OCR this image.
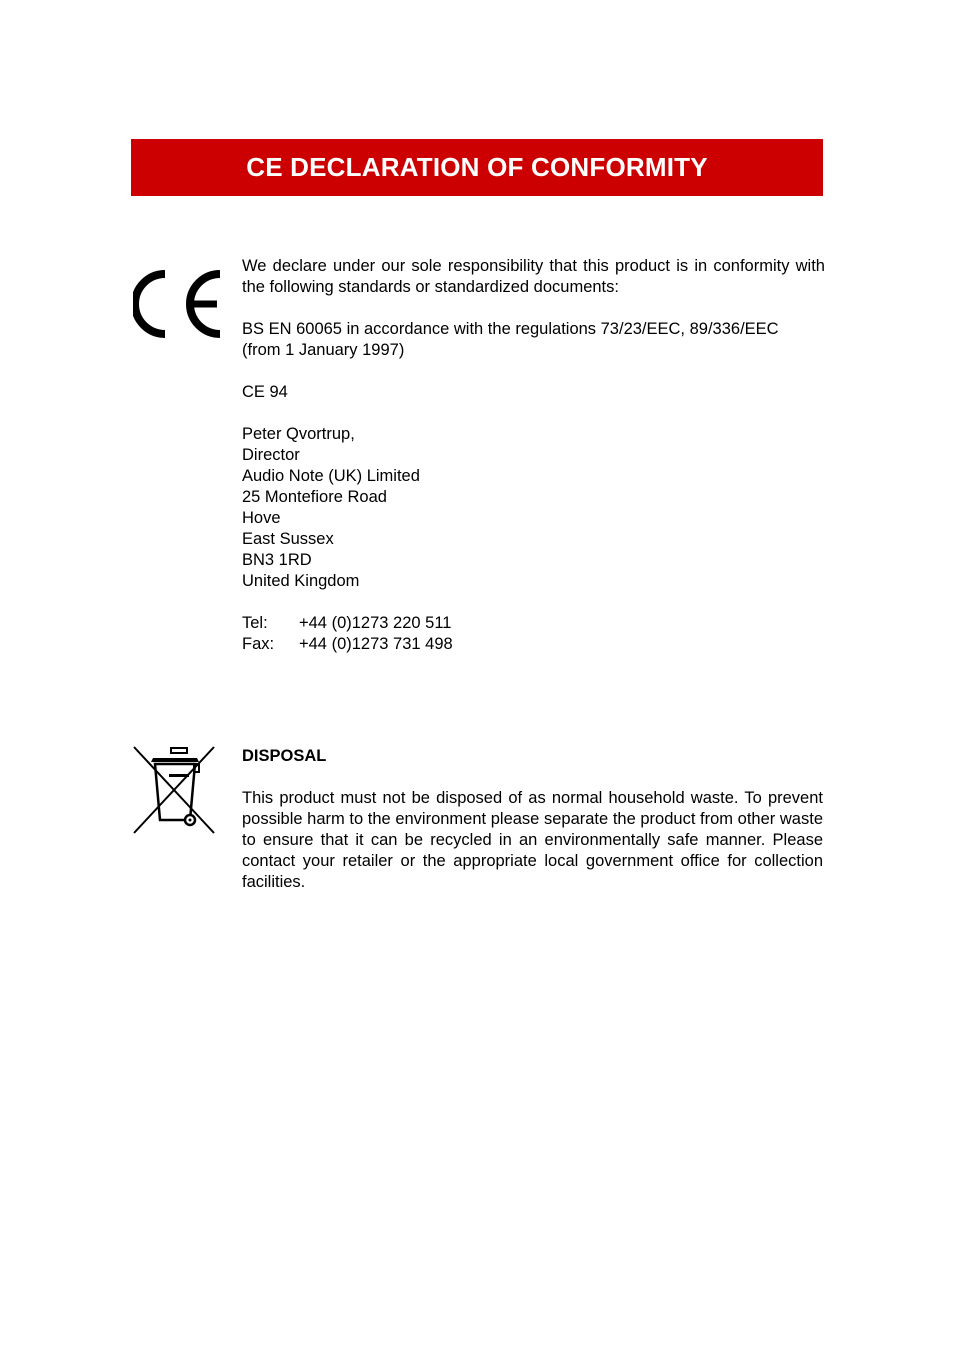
CE DECLARATION OF CONFORMITY

We declare under our sole responsibility that this product is in conformity with the following standards or standardized documents:

BS EN 60065 in accordance with the regulations 73/23/EEC, 89/336/EEC
(from 1 January 1997)

CE 94

Peter Qvortrup,
Director
Audio Note (UK) Limited
25 Montefiore Road
Hove
East Sussex
BN3 1RD
United Kingdom

Tel:	+44 (0)1273 220 511
Fax:	+44 (0)1273 731 498

DISPOSAL

This product must not be disposed of as normal household waste. To prevent possible harm to the environment please separate the product from other waste to ensure that it can be recycled in an environmentally safe manner. Please contact your retailer or the appropriate local government office for collection facilities.
